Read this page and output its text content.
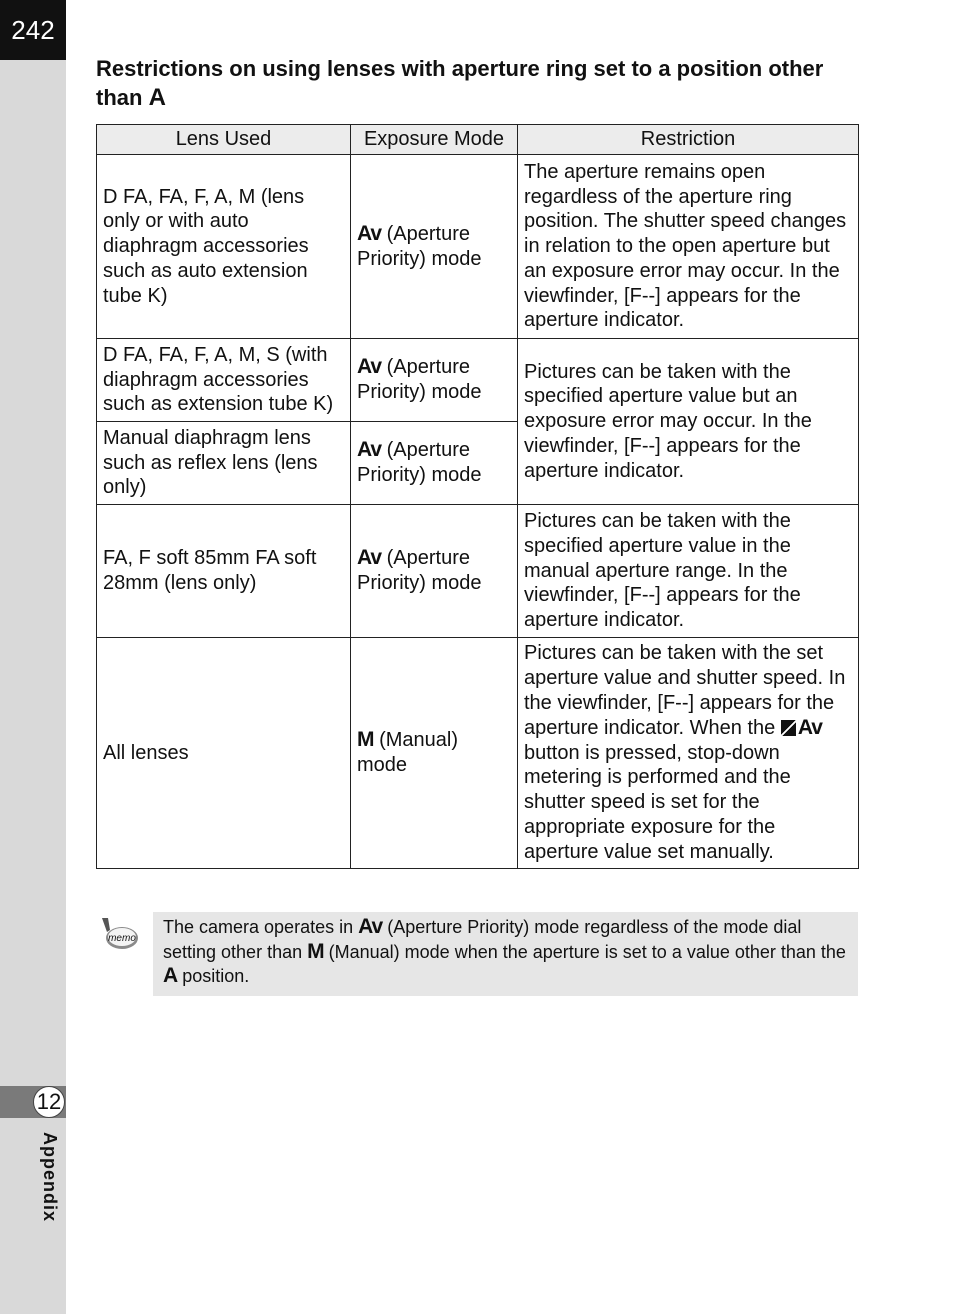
242
12
Appendix
Restrictions on using lenses with aperture ring set to a position other than A
Lens Used	Exposure Mode	Restriction
D FA, FA, F, A, M (lens only or with auto diaphragm accessories such as auto extension tube K)	Av (Aperture Priority) mode	The aperture remains open regardless of the aperture ring position. The shutter speed changes in relation to the open aperture but an exposure error may occur. In the viewfinder, [F--] appears for the aperture indicator.
D FA, FA, F, A, M, S (with diaphragm accessories such as extension tube K)	Av (Aperture Priority) mode	Pictures can be taken with the specified aperture value but an exposure error may occur. In the viewfinder, [F--] appears for the aperture indicator.
Manual diaphragm lens such as reflex lens (lens only)	Av (Aperture Priority) mode	
FA, F soft 85mm FA soft 28mm (lens only)	Av (Aperture Priority) mode	Pictures can be taken with the specified aperture value in the manual aperture range. In the viewfinder, [F--] appears for the aperture indicator.
All lenses	M (Manual) mode	Pictures can be taken with the set aperture value and shutter speed. In the viewfinder, [F--] appears for the aperture indicator. When the Av button is pressed, stop-down metering is performed and the shutter speed is set for the appropriate exposure for the aperture value set manually.
memo
The camera operates in Av (Aperture Priority) mode regardless of the mode dial setting other than M (Manual) mode when the aperture is set to a value other than the A position.
